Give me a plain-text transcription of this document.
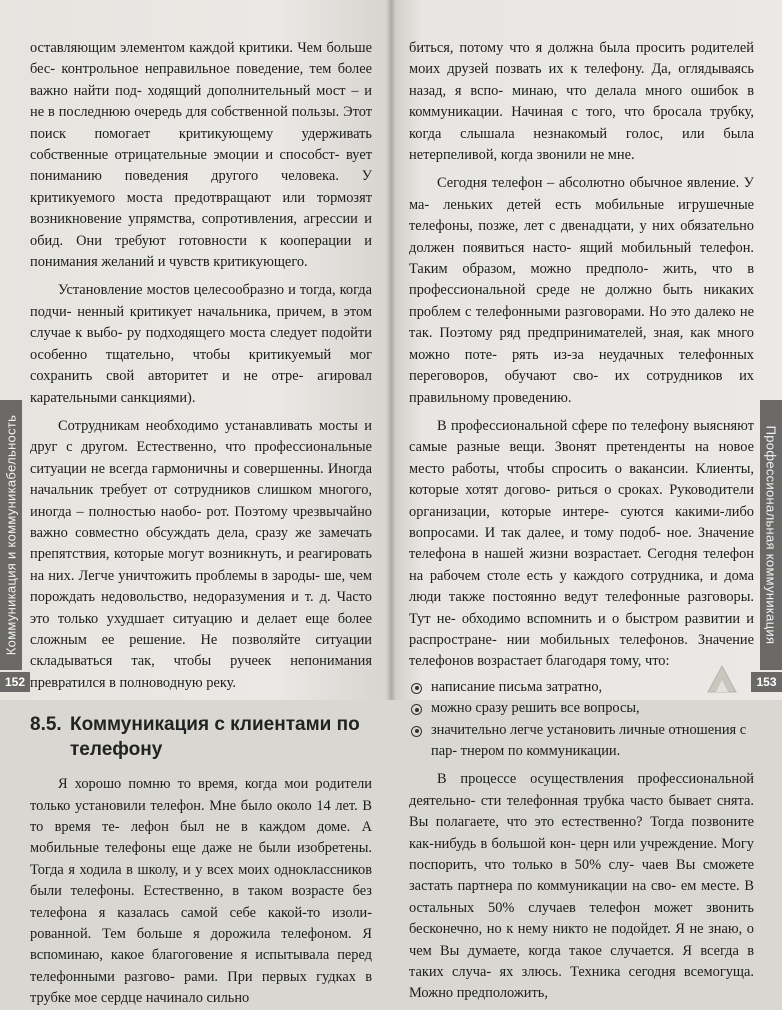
оставляющим элементом каждой критики. Чем больше бес- контрольное неправильное поведение, тем более важно найти под- ходящий дополнительный мост – и не в последнюю очередь для собственной пользы. Этот поиск помогает критикующему удерживать собственные отрицательные эмоции и способст- вует пониманию поведения другого человека. У критикуемого моста предотвращают или тормозят возникновение упрямства, сопротивления, агрессии и обид. Они требуют готовности к кооперации и понимания желаний и чувств критикующего.

Установление мостов целесообразно и тогда, когда подчи- ненный критикует начальника, причем, в этом случае к выбо- ру подходящего моста следует подойти особенно тщательно, чтобы критикуемый мог сохранить свой авторитет и не отре- агировал карательными санкциями).

Сотрудникам необходимо устанавливать мосты и друг с другом. Естественно, что профессиональные ситуации не всегда гармоничны и совершенны. Иногда начальник требует от сотрудников слишком многого, иногда – полностью наобо- рот. Поэтому чрезвычайно важно совместно обсуждать дела, сразу же замечать препятствия, которые могут возникнуть, и реагировать на них. Легче уничтожить проблемы в зароды- ше, чем порождать недовольство, недоразумения и т. д. Часто это только ухудшает ситуацию и делает еще более сложным ее решение. Не позволяйте ситуации складываться так, чтобы ручеек непонимания превратился в полноводную реку.

8.5. Коммуникация с клиентами по
телефону

Я хорошо помню то время, когда мои родители только установили телефон. Мне было около 14 лет. В то время те- лефон был не в каждом доме. А мобильные телефоны еще даже не были изобретены. Тогда я ходила в школу, и у всех моих одноклассников были телефоны. Естественно, в таком возрасте без телефона я казалась самой себе какой-то изоли- рованной. Тем больше я дорожила телефоном. Я вспоминаю, какое благоговение я испытывала перед телефонными разгово- рами. При первых гудках в трубке мое сердце начинало сильно

биться, потому что я должна была просить родителей моих друзей позвать их к телефону. Да, оглядываясь назад, я вспо- минаю, что делала много ошибок в коммуникации. Начиная с того, что бросала трубку, когда слышала незнакомый голос, или была нетерпеливой, когда звонили не мне.

Сегодня телефон – абсолютно обычное явление. У ма- леньких детей есть мобильные игрушечные телефоны, позже, лет с двенадцати, у них обязательно должен появиться насто- ящий мобильный телефон. Таким образом, можно предполо- жить, что в профессиональной среде не должно быть никаких проблем с телефонными разговорами. Но это далеко не так. Поэтому ряд предпринимателей, зная, как много можно поте- рять из-за неудачных телефонных переговоров, обучают сво- их сотрудников их правильному проведению.

В профессиональной сфере по телефону выясняют самые разные вещи. Звонят претенденты на новое место работы, чтобы спросить о вакансии. Клиенты, которые хотят догово- риться о сроках. Руководители организации, которые интере- суются какими-либо вопросами. И так далее, и тому подоб- ное. Значение телефона в нашей жизни возрастает. Сегодня телефон на рабочем столе есть у каждого сотрудника, и дома люди также постоянно ведут телефонные разговоры. Тут не- обходимо вспомнить и о быстром развитии и распростране- нии мобильных телефонов. Значение телефонов возрастает благодаря тому, что:

написание письма затратно,
можно сразу решить все вопросы,
значительно легче установить личные отношения с пар- тнером по коммуникации.

В процессе осуществления профессиональной деятельно- сти телефонная трубка часто бывает снята. Вы полагаете, что это естественно? Тогда позвоните как-нибудь в большой кон- церн или учреждение. Могу поспорить, что только в 50% слу- чаев Вы сможете застать партнера по коммуникации на сво- ем месте. В остальных 50% случаев телефон может звонить бесконечно, но к нему никто не подойдет. Я не знаю, о чем Вы думаете, когда такое случается. Я всегда в таких случа- ях злюсь. Техника сегодня всемогуща. Можно предположить,

Коммуникация и коммуникабельность	Профессиональная коммуникация
152	153
